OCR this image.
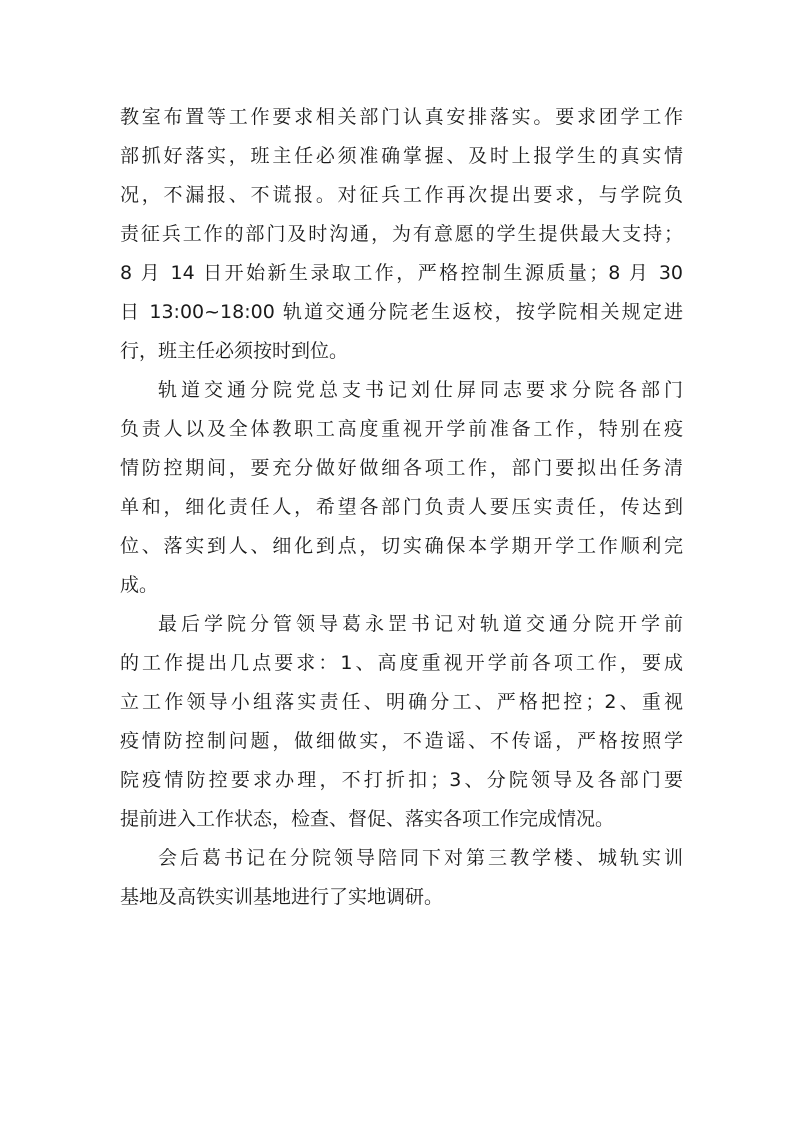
教室布置等工作要求相关部门认真安排落实。要求团学工作
部抓好落实，班主任必须准确掌握、及时上报学生的真实情
况，不漏报、不谎报。对征兵工作再次提出要求，与学院负
责征兵工作的部门及时沟通，为有意愿的学生提供最大支持；
8 月 14 日开始新生录取工作，严格控制生源质量；8 月 30
日 13:00~18:00 轨道交通分院老生返校，按学院相关规定进
行，班主任必须按时到位。
轨道交通分院党总支书记刘仕屏同志要求分院各部门
负责人以及全体教职工高度重视开学前准备工作，特别在疫
情防控期间，要充分做好做细各项工作，部门要拟出任务清
单和，细化责任人，希望各部门负责人要压实责任，传达到
位、落实到人、细化到点，切实确保本学期开学工作顺利完
成。
最后学院分管领导葛永罡书记对轨道交通分院开学前
的工作提出几点要求：1、高度重视开学前各项工作，要成
立工作领导小组落实责任、明确分工、严格把控；2、重视
疫情防控制问题，做细做实，不造谣、不传谣，严格按照学
院疫情防控要求办理，不打折扣；3、分院领导及各部门要
提前进入工作状态，检查、督促、落实各项工作完成情况。
会后葛书记在分院领导陪同下对第三教学楼、城轨实训
基地及高铁实训基地进行了实地调研。
